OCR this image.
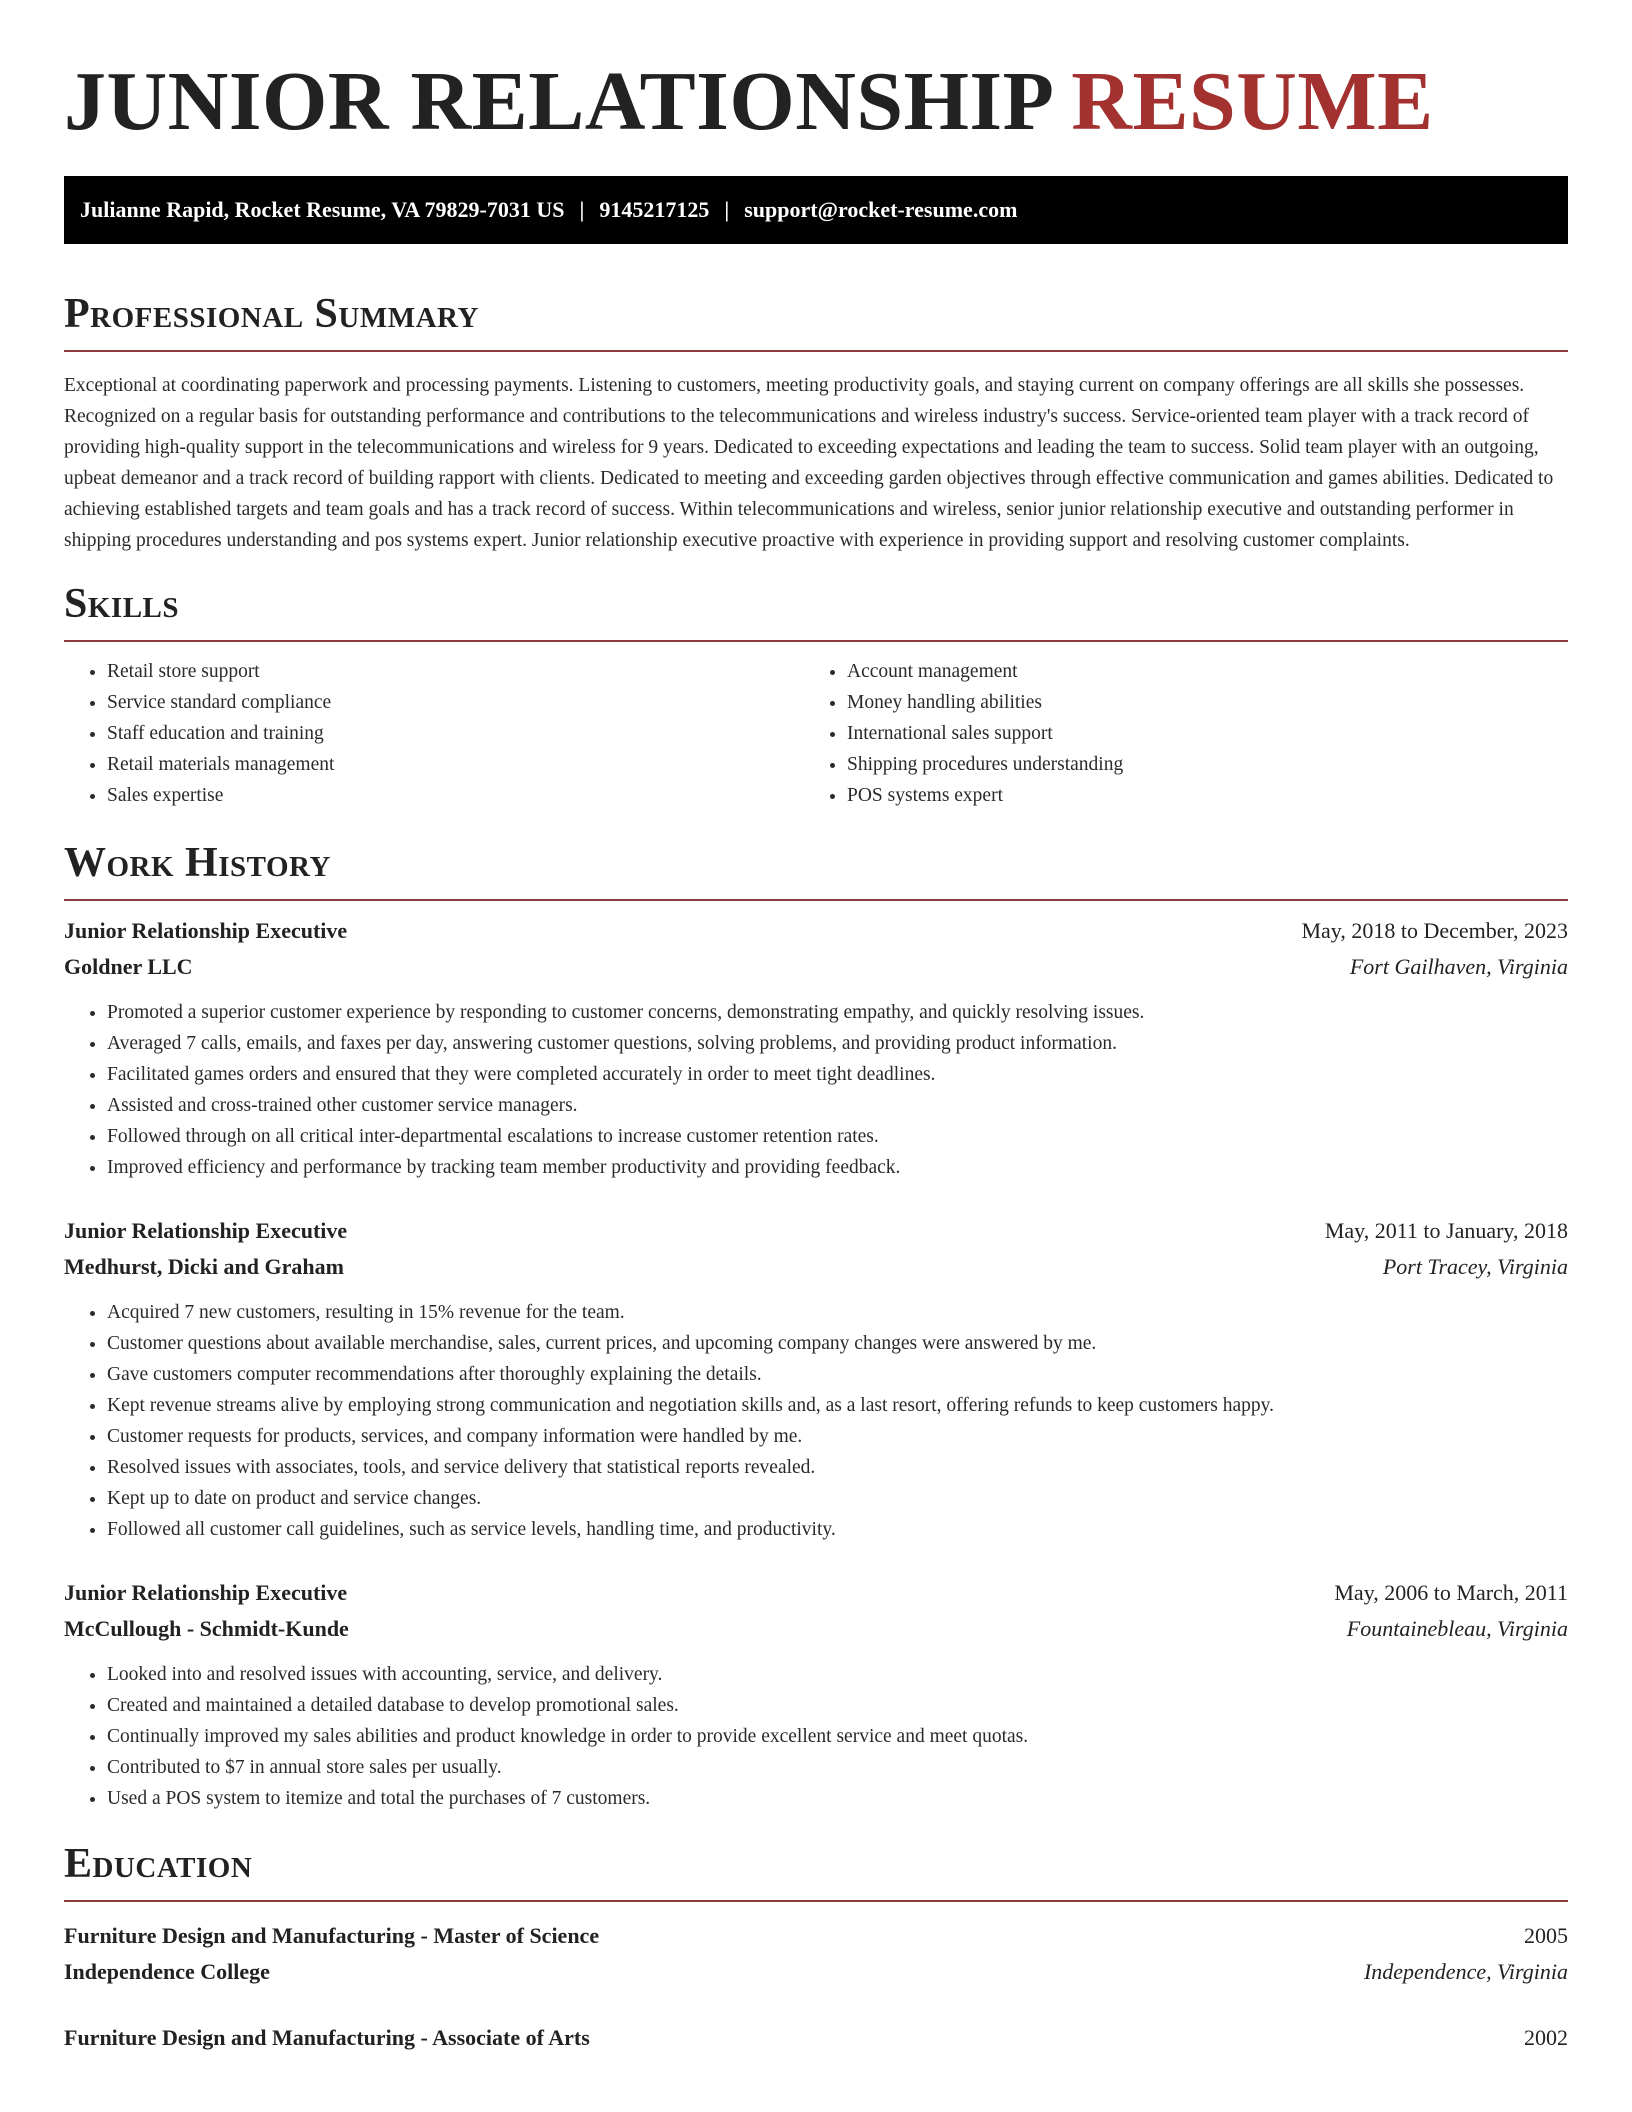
JUNIOR RELATIONSHIP RESUME
Julianne Rapid, Rocket Resume, VA 79829-7031 US | 9145217125 | support@rocket-resume.com
Professional Summary

Exceptional at coordinating paperwork and processing payments. Listening to customers, meeting productivity goals, and staying current on company offerings are all skills she possesses. Recognized on a regular basis for outstanding performance and contributions to the telecommunications and wireless industry's success. Service-oriented team player with a track record of providing high-quality support in the telecommunications and wireless for 9 years. Dedicated to exceeding expectations and leading the team to success. Solid team player with an outgoing, upbeat demeanor and a track record of building rapport with clients. Dedicated to meeting and exceeding garden objectives through effective communication and games abilities. Dedicated to achieving established targets and team goals and has a track record of success. Within telecommunications and wireless, senior junior relationship executive and outstanding performer in shipping procedures understanding and pos systems expert. Junior relationship executive proactive with experience in providing support and resolving customer complaints.

Skills
• Retail store support
• Service standard compliance
• Staff education and training
• Retail materials management
• Sales expertise
• Account management
• Money handling abilities
• International sales support
• Shipping procedures understanding
• POS systems expert
Work History
Junior Relationship Executive	May, 2018 to December, 2023
Goldner LLC	Fort Gailhaven, Virginia
• Promoted a superior customer experience by responding to customer concerns, demonstrating empathy, and quickly resolving issues.
• Averaged 7 calls, emails, and faxes per day, answering customer questions, solving problems, and providing product information.
• Facilitated games orders and ensured that they were completed accurately in order to meet tight deadlines.
• Assisted and cross-trained other customer service managers.
• Followed through on all critical inter-departmental escalations to increase customer retention rates.
• Improved efficiency and performance by tracking team member productivity and providing feedback.
Junior Relationship Executive	May, 2011 to January, 2018
Medhurst, Dicki and Graham	Port Tracey, Virginia
• Acquired 7 new customers, resulting in 15% revenue for the team.
• Customer questions about available merchandise, sales, current prices, and upcoming company changes were answered by me.
• Gave customers computer recommendations after thoroughly explaining the details.
• Kept revenue streams alive by employing strong communication and negotiation skills and, as a last resort, offering refunds to keep customers happy.
• Customer requests for products, services, and company information were handled by me.
• Resolved issues with associates, tools, and service delivery that statistical reports revealed.
• Kept up to date on product and service changes.
• Followed all customer call guidelines, such as service levels, handling time, and productivity.
Junior Relationship Executive	May, 2006 to March, 2011
McCullough - Schmidt-Kunde	Fountainebleau, Virginia
• Looked into and resolved issues with accounting, service, and delivery.
• Created and maintained a detailed database to develop promotional sales.
• Continually improved my sales abilities and product knowledge in order to provide excellent service and meet quotas.
• Contributed to $7 in annual store sales per usually.
• Used a POS system to itemize and total the purchases of 7 customers.
Education
Furniture Design and Manufacturing - Master of Science	2005
Independence College	Independence, Virginia
Furniture Design and Manufacturing - Associate of Arts	2002
